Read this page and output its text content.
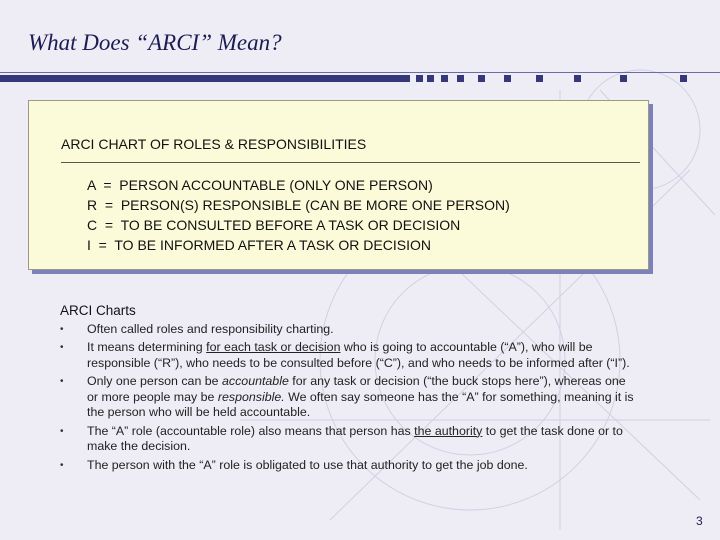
What Does “ARCI” Mean?
ARCI CHART OF ROLES & RESPONSIBILITIES
A  =  PERSON ACCOUNTABLE (ONLY ONE PERSON)
R  =  PERSON(S) RESPONSIBLE (CAN BE MORE ONE PERSON)
C  =  TO BE CONSULTED BEFORE A TASK OR DECISION
I  =  TO BE INFORMED AFTER A TASK OR DECISION
ARCI Charts
• Often called roles and responsibility charting.
• It means determining for each task or decision who is going to accountable (“A”), who will be responsible (“R”), who needs to be consulted before (“C”), and who needs to be informed after (“I”).
• Only one person can be accountable for any task or decision (“the buck stops here”), whereas one or more people may be responsible. We often say someone has the “A” for something, meaning it is the person who will be held accountable.
• The “A” role (accountable role) also means that person has the authority to get the task done or to make the decision.
• The person with the “A” role is obligated to use that authority to get the job done.
3
